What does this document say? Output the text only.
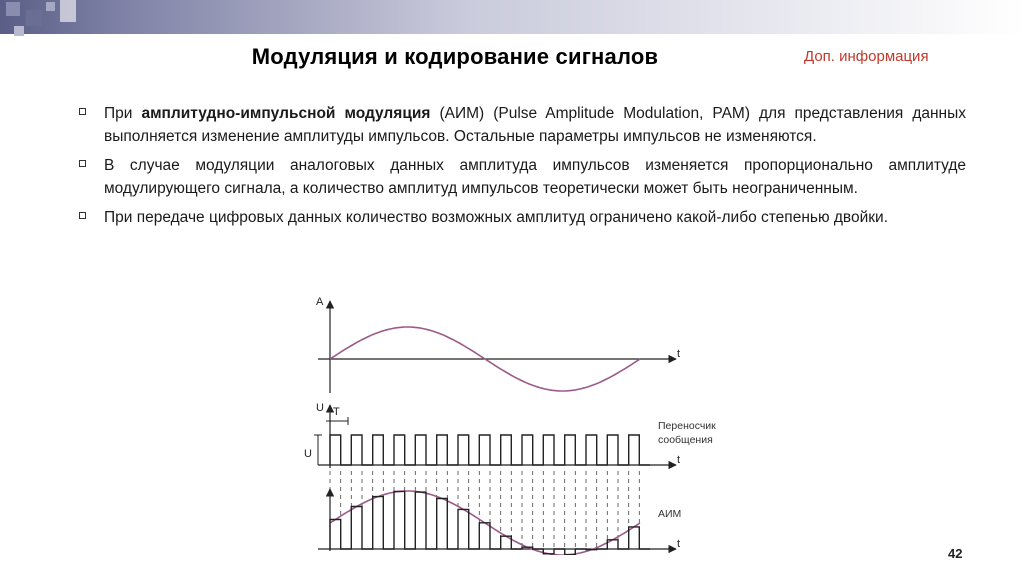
Модуляция и кодирование сигналов	Доп. информация

При амплитудно-импульсной модуляция (АИМ) (Pulse Amplitude Modulation, PAM) для представления данных выполняется изменение амплитуды импульсов. Остальные параметры импульсов не изменяются.

В случае модуляции аналоговых данных амплитуда импульсов изменяется пропорционально амплитуде модулирующего сигнала, а количество амплитуд импульсов теоретически может быть неограниченным.

При передаче цифровых данных количество возможных амплитуд ограничено какой-либо степенью двойки.

A
t
U T
U	t
Переносчик
сообщения
t
АИМ
42
